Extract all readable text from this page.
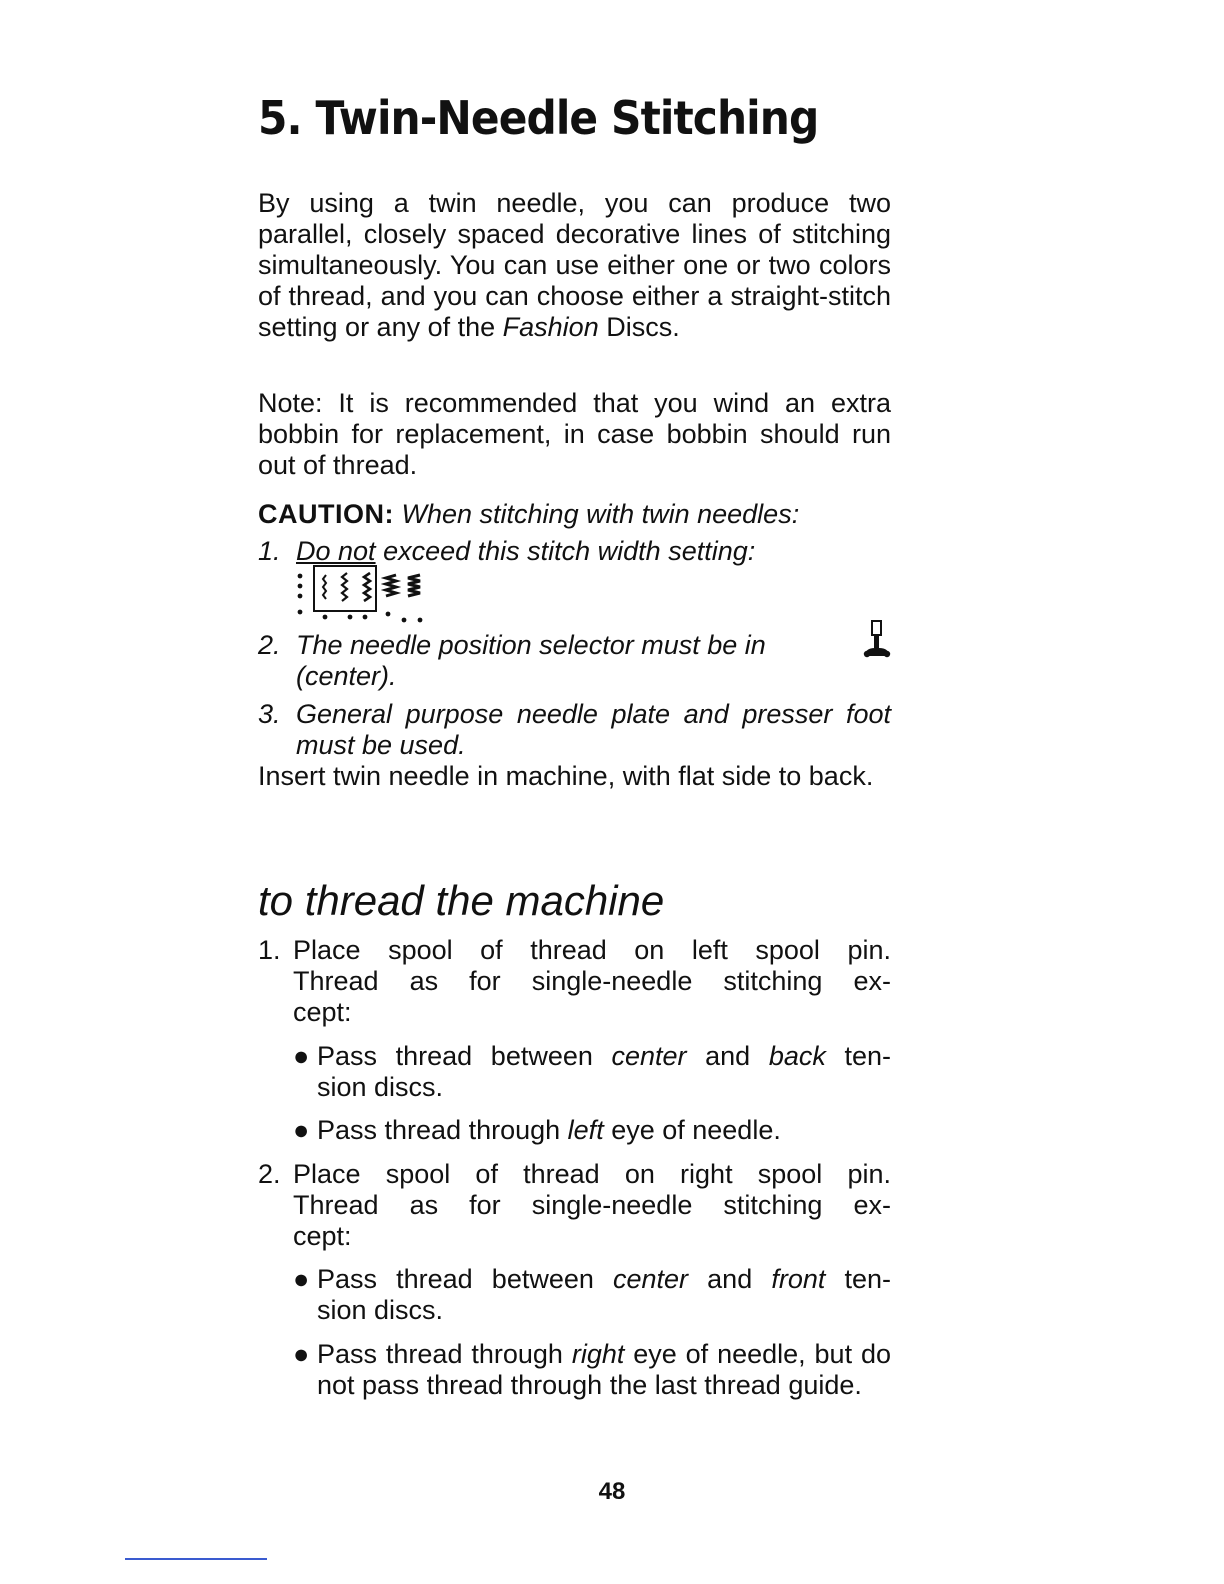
5. Twin-Needle Stitching

By using a twin needle, you can produce two parallel, closely spaced decorative lines of stitching simultaneously. You can use either one or two colors of thread, and you can choose either a straight-stitch setting or any of the Fashion Discs.

Note: It is recommended that you wind an extra bobbin for replacement, in case bobbin should run out of thread.

CAUTION: When stitching with twin needles:

1. Do not exceed this stitch width setting:
2. The needle position selector must be in
(center).
3. General purpose needle plate and presser foot must be used.

Insert twin needle in machine, with flat side to back.

to thread the machine
1. Place spool of thread on left spool pin.
Thread as for single-needle stitching ex-
cept:
● Pass thread between center and back ten-
sion discs.
● Pass thread through left eye of needle.
2. Place spool of thread on right spool pin.
Thread as for single-needle stitching ex-
cept:
● Pass thread between center and front ten-
sion discs.
● Pass thread through right eye of needle, but do not pass thread through the last thread guide.

48
